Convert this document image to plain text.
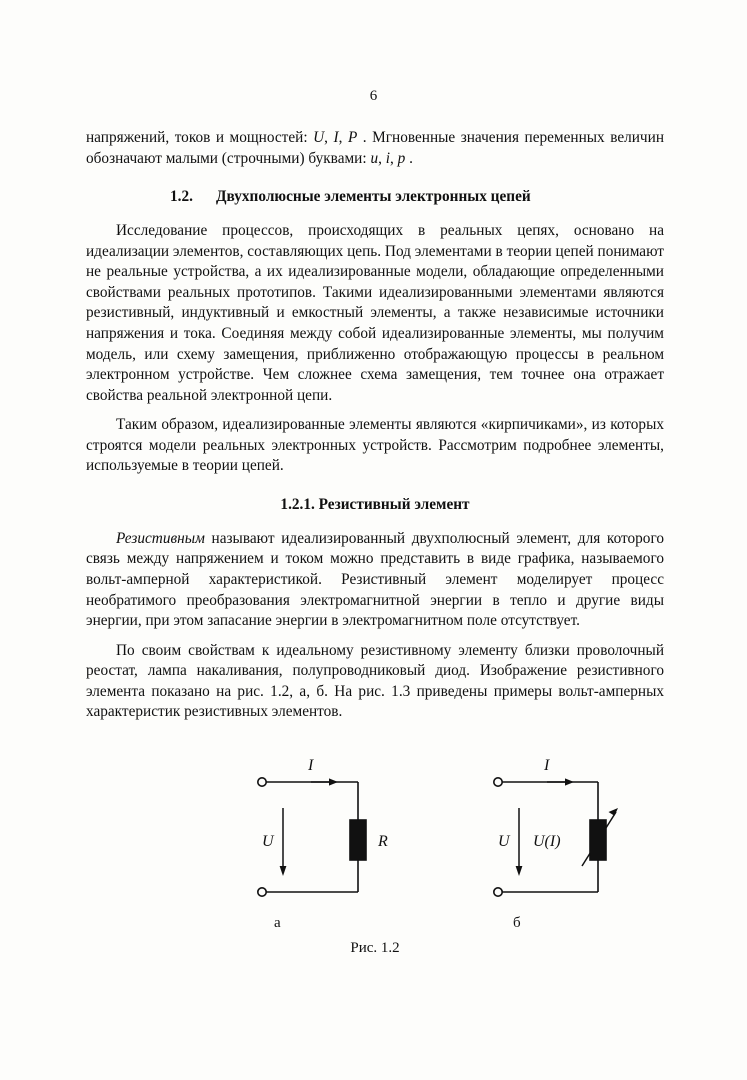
6

напряжений, токов и мощностей: U, I, P . Мгновенные значения переменных величин обозначают малыми (строчными) буквами: u, i, p .

1.2. Двухполюсные элементы электронных цепей

Исследование процессов, происходящих в реальных цепях, основано на идеализации элементов, составляющих цепь. Под элементами в теории цепей понимают не реальные устройства, а их идеализированные модели, обладающие определенными свойствами реальных прототипов. Такими идеализированными элементами являются резистивный, индуктивный и емкостный элементы, а также независимые источники напряжения и тока. Соединяя между собой идеализированные элементы, мы получим модель, или схему замещения, приближенно отображающую процессы в реальном электронном устройстве. Чем сложнее схема замещения, тем точнее она отражает свойства реальной электронной цепи.

Таким образом, идеализированные элементы являются «кирпичиками», из которых строятся модели реальных электронных устройств. Рассмотрим подробнее элементы, используемые в теории цепей.

1.2.1. Резистивный элемент

Резистивным называют идеализированный двухполюсный элемент, для которого связь между напряжением и током можно представить в виде графика, называемого вольт-амперной характеристикой. Резистивный элемент моделирует процесс необратимого преобразования электромагнитной энергии в тепло и другие виды энергии, при этом запасание энергии в электромагнитном поле отсутствует.

По своим свойствам к идеальному резистивному элементу близки проволочный реостат, лампа накаливания, полупроводниковый диод. Изображение резистивного элемента показано на рис. 1.2, а, б. На рис. 1.3 приведены примеры вольт-амперных характеристик резистивных элементов.

I
U	R
I
U U(I)
а	б
Рис. 1.2
